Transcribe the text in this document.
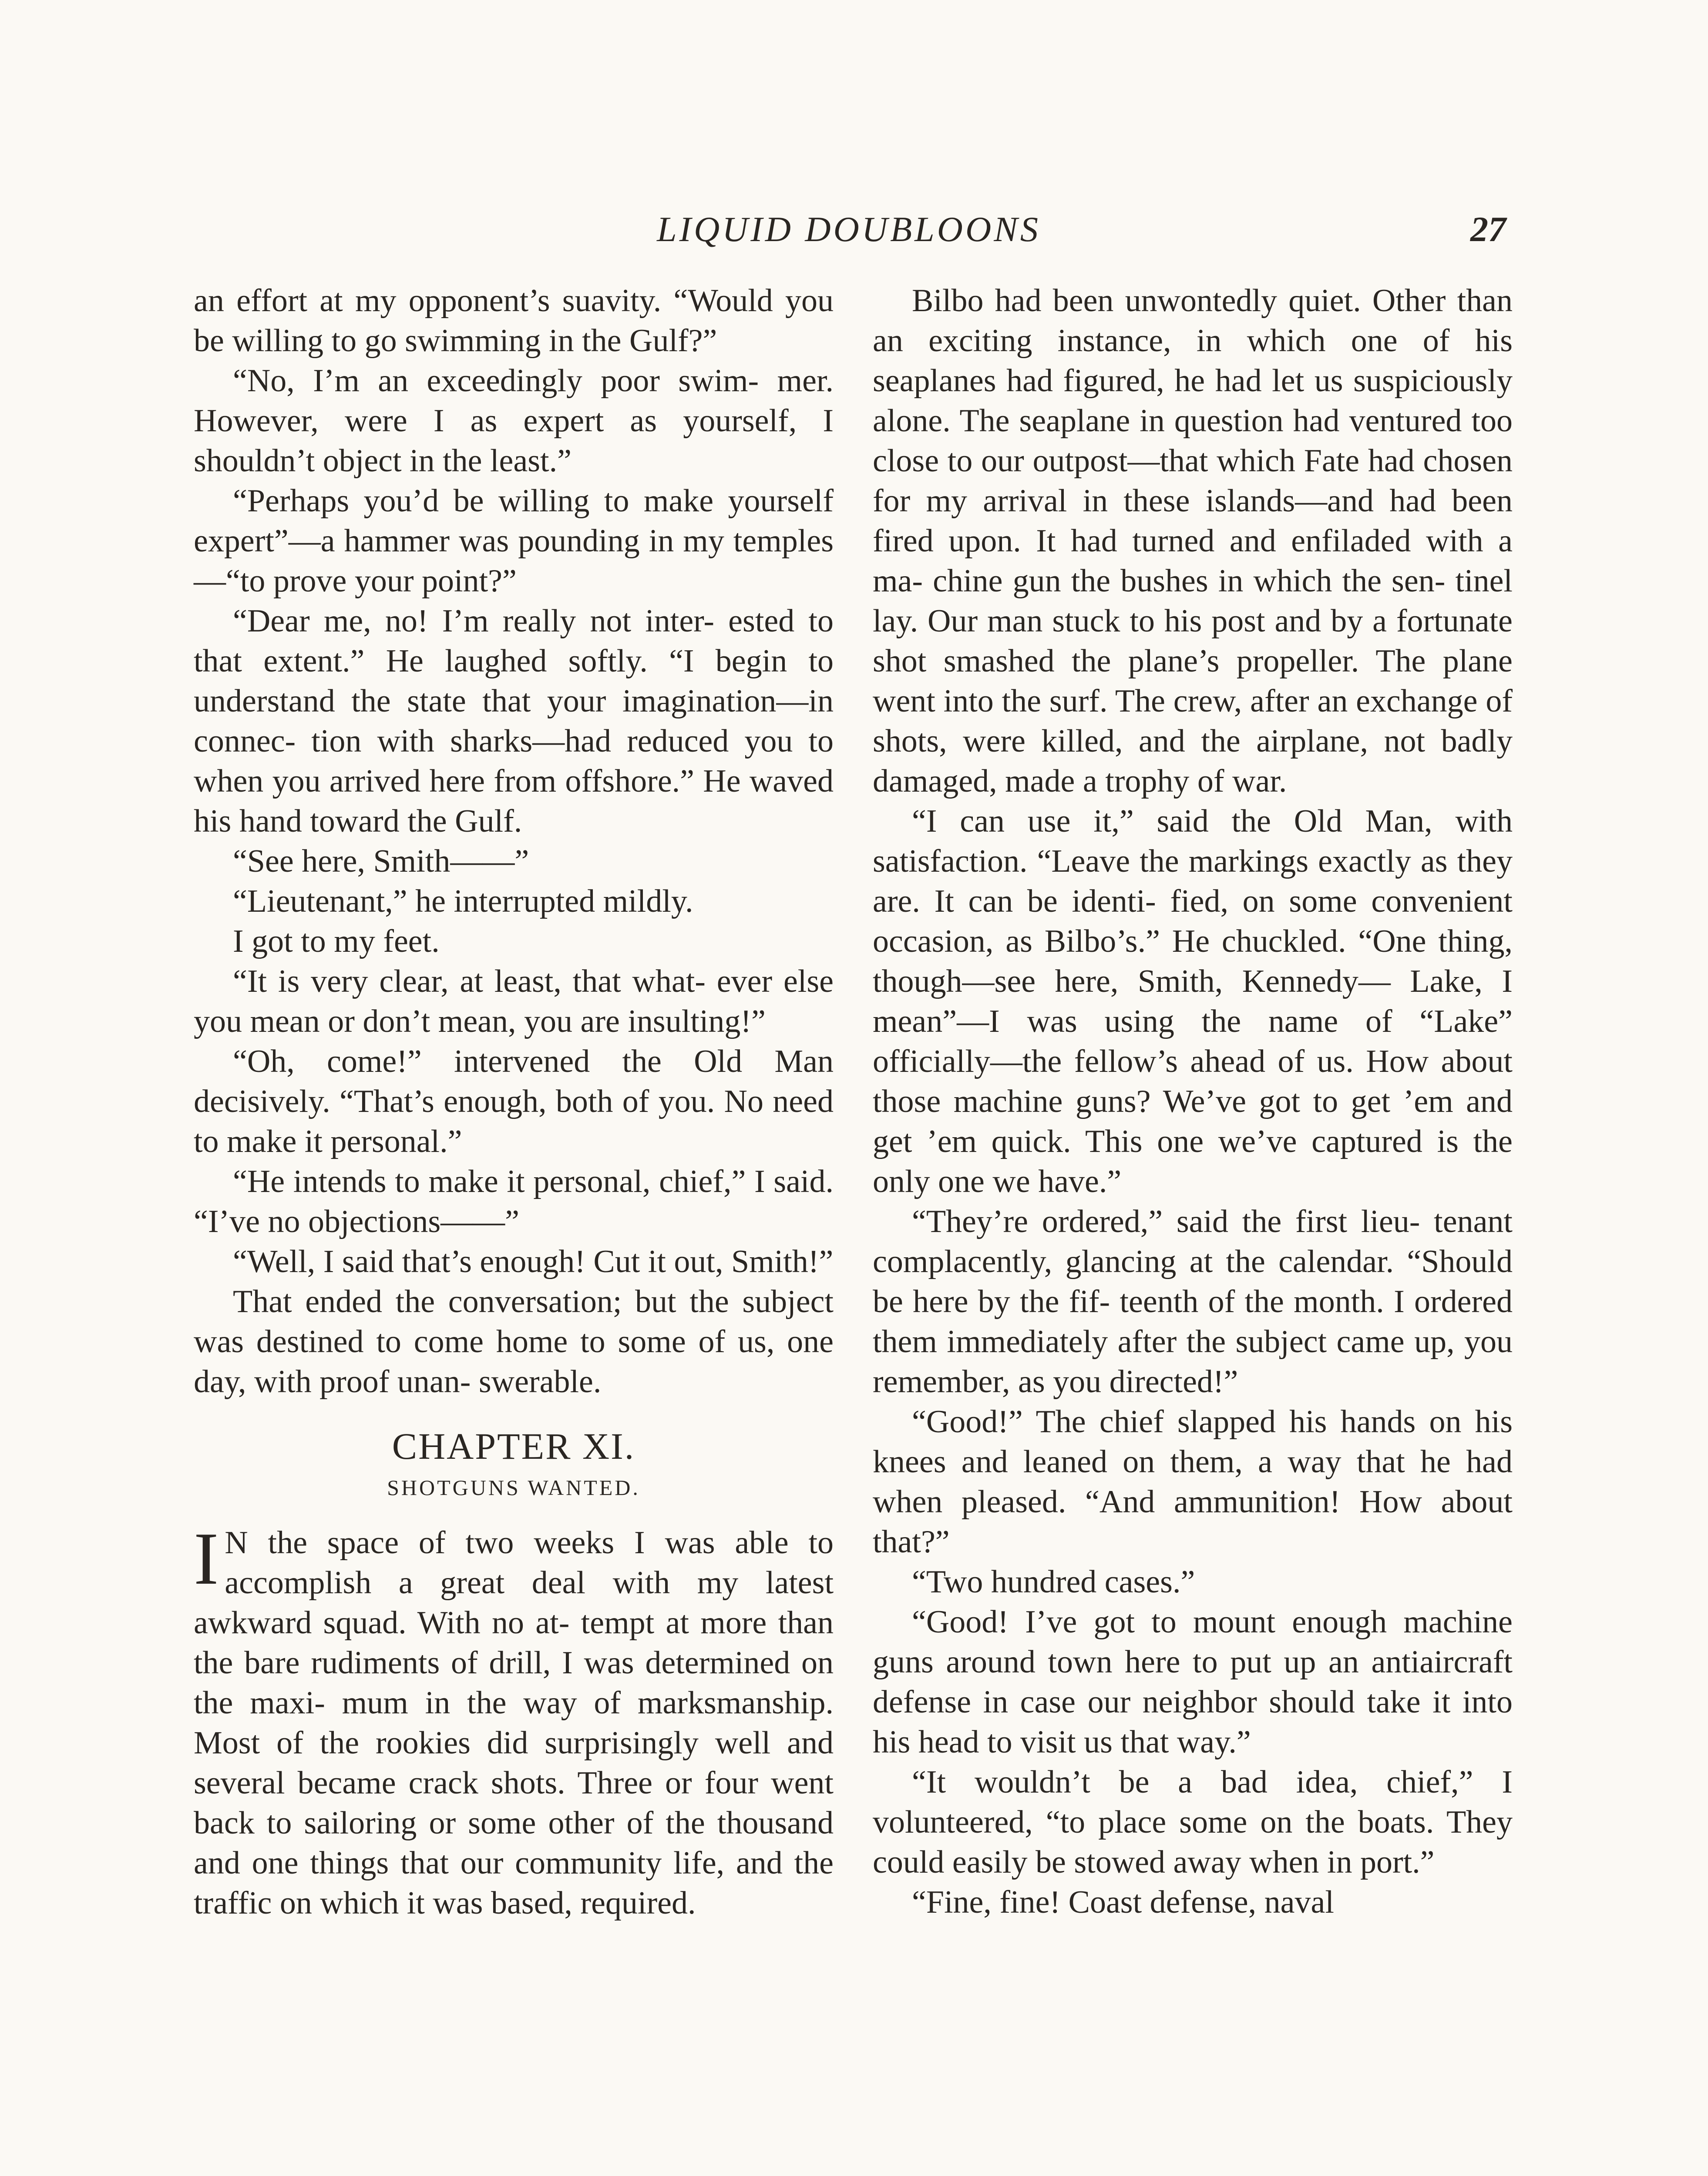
LIQUID DOUBLOONS	27

an effort at my opponent’s suavity. “Would you be willing to go swimming in the Gulf?”

“No, I’m an exceedingly poor swim- mer. However, were I as expert as yourself, I shouldn’t object in the least.”

“Perhaps you’d be willing to make yourself expert”—a hammer was pounding in my temples—“to prove your point?”

“Dear me, no! I’m really not inter- ested to that extent.” He laughed softly. “I begin to understand the state that your imagination—in connec- tion with sharks—had reduced you to when you arrived here from offshore.” He waved his hand toward the Gulf.

“See here, Smith——”

“Lieutenant,” he interrupted mildly.

I got to my feet.

“It is very clear, at least, that what- ever else you mean or don’t mean, you are insulting!”

“Oh, come!” intervened the Old Man decisively. “That’s enough, both of you. No need to make it personal.”

“He intends to make it personal, chief,” I said. “I’ve no objections——”

“Well, I said that’s enough! Cut it out, Smith!”

That ended the conversation; but the subject was destined to come home to some of us, one day, with proof unan- swerable.

CHAPTER XI.
SHOTGUNS WANTED.

IN the space of two weeks I was able to accomplish a great deal with my latest awkward squad. With no at- tempt at more than the bare rudiments of drill, I was determined on the maxi- mum in the way of marksmanship. Most of the rookies did surprisingly well and several became crack shots. Three or four went back to sailoring or some other of the thousand and one things that our community life, and the traffic on which it was based, required.

Bilbo had been unwontedly quiet. Other than an exciting instance, in which one of his seaplanes had figured, he had let us suspiciously alone. The seaplane in question had ventured too close to our outpost—that which Fate had chosen for my arrival in these islands—and had been fired upon. It had turned and enfiladed with a ma- chine gun the bushes in which the sen- tinel lay. Our man stuck to his post and by a fortunate shot smashed the plane’s propeller. The plane went into the surf. The crew, after an exchange of shots, were killed, and the airplane, not badly damaged, made a trophy of war.

“I can use it,” said the Old Man, with satisfaction. “Leave the markings exactly as they are. It can be identi- fied, on some convenient occasion, as Bilbo’s.” He chuckled. “One thing, though—see here, Smith, Kennedy— Lake, I mean”—I was using the name of “Lake” officially—the fellow’s ahead of us. How about those machine guns? We’ve got to get ’em and get ’em quick. This one we’ve captured is the only one we have.”

“They’re ordered,” said the first lieu- tenant complacently, glancing at the calendar. “Should be here by the fif- teenth of the month. I ordered them immediately after the subject came up, you remember, as you directed!”

“Good!” The chief slapped his hands on his knees and leaned on them, a way that he had when pleased. “And ammunition! How about that?”

“Two hundred cases.”

“Good! I’ve got to mount enough machine guns around town here to put up an antiaircraft defense in case our neighbor should take it into his head to visit us that way.”

“It wouldn’t be a bad idea, chief,” I volunteered, “to place some on the boats. They could easily be stowed away when in port.”

“Fine, fine! Coast defense, naval
